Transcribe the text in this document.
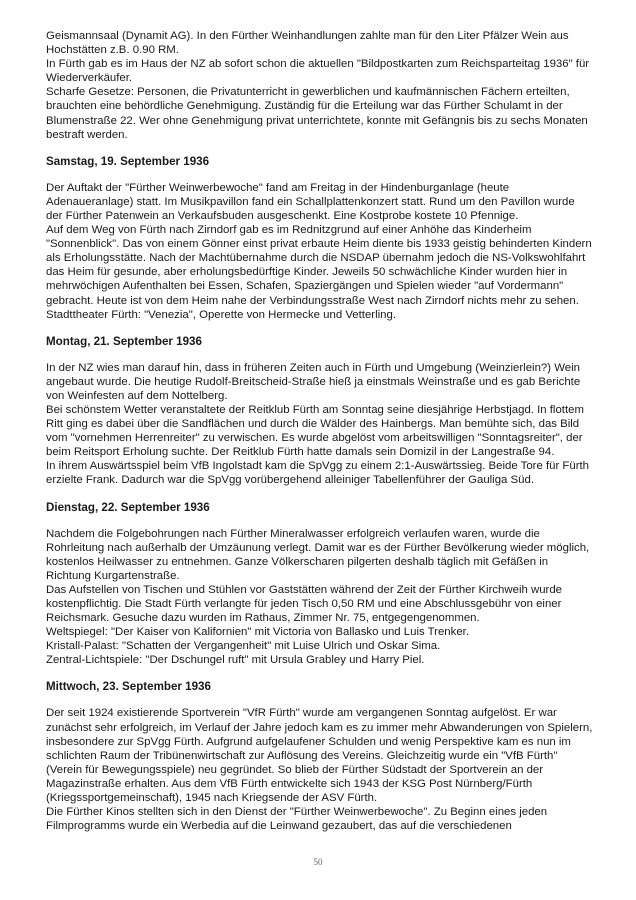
Geismannsaal (Dynamit AG). In den Fürther Weinhandlungen zahlte man für den Liter Pfälzer Wein aus Hochstätten z.B. 0.90 RM.
In Fürth gab es im Haus der NZ ab sofort schon die aktuellen "Bildpostkarten zum Reichsparteitag 1936" für Wiederverkäufer.
Scharfe Gesetze: Personen, die Privatunterricht in gewerblichen und kaufmännischen Fächern erteilten, brauchten eine behördliche Genehmigung. Zuständig für die Erteilung war das Fürther Schulamt in der Blumenstraße 22. Wer ohne Genehmigung privat unterrichtete, konnte mit Gefängnis bis zu sechs Monaten bestraft werden.

Samstag, 19. September 1936

Der Auftakt der "Fürther Weinwerbewoche" fand am Freitag in der Hindenburganlage (heute Adenaueranlage) statt. Im Musikpavillon fand ein Schallplattenkonzert statt. Rund um den Pavillon wurde der Fürther Patenwein an Verkaufsbuden ausgeschenkt. Eine Kostprobe kostete 10 Pfennige.
Auf dem Weg von Fürth nach Zirndorf gab es im Rednitzgrund auf einer Anhöhe das Kinderheim "Sonnenblick". Das von einem Gönner einst privat erbaute Heim diente bis 1933 geistig behinderten Kindern als Erholungsstätte. Nach der Machtübernahme durch die NSDAP übernahm jedoch die NS-Volkswohlfahrt das Heim für gesunde, aber erholungsbedürftige Kinder. Jeweils 50 schwächliche Kinder wurden hier in mehrwöchigen Aufenthalten bei Essen, Schafen, Spaziergängen und Spielen wieder "auf Vordermann" gebracht. Heute ist von dem Heim nahe der Verbindungsstraße West nach Zirndorf nichts mehr zu sehen.
Stadttheater Fürth: "Venezia", Operette von Hermecke und Vetterling.

Montag, 21. September 1936

In der NZ wies man darauf hin, dass in früheren Zeiten auch in Fürth und Umgebung (Weinzierlein?) Wein angebaut wurde. Die heutige Rudolf-Breitscheid-Straße hieß ja einstmals Weinstraße und es gab Berichte von Weinfesten auf dem Nottelberg.
Bei schönstem Wetter veranstaltete der Reitklub Fürth am Sonntag seine diesjährige Herbstjagd. In flottem Ritt ging es dabei über die Sandflächen und durch die Wälder des Hainbergs. Man bemühte sich, das Bild vom "vornehmen Herrenreiter" zu verwischen. Es wurde abgelöst vom arbeitswilligen "Sonntagsreiter", der beim Reitsport Erholung suchte. Der Reitklub Fürth hatte damals sein Domizil in der Langestraße 94.
In ihrem Auswärtsspiel beim VfB Ingolstadt kam die SpVgg zu einem 2:1-Auswärtssieg. Beide Tore für Fürth erzielte Frank. Dadurch war die SpVgg vorübergehend alleiniger Tabellenführer der Gauliga Süd.

Dienstag, 22. September 1936

Nachdem die Folgebohrungen nach Fürther Mineralwasser erfolgreich verlaufen waren, wurde die Rohrleitung nach außerhalb der Umzäunung verlegt. Damit war es der Fürther Bevölkerung wieder möglich, kostenlos Heilwasser zu entnehmen. Ganze Völkerscharen pilgerten deshalb täglich mit Gefäßen in Richtung Kurgartenstraße.
Das Aufstellen von Tischen und Stühlen vor Gaststätten während der Zeit der Fürther Kirchweih wurde kostenpflichtig. Die Stadt Fürth verlangte für jeden Tisch 0,50 RM und eine Abschlussgebühr von einer Reichsmark. Gesuche dazu wurden im Rathaus, Zimmer Nr. 75, entgegengenommen.
Weltspiegel: "Der Kaiser von Kalifornien" mit Victoria von Ballasko und Luis Trenker.
Kristall-Palast: "Schatten der Vergangenheit" mit Luise Ulrich und Oskar Sima.
Zentral-Lichtspiele: "Der Dschungel ruft" mit Ursula Grabley und Harry Piel.

Mittwoch, 23. September 1936

Der seit 1924 existierende Sportverein "VfR Fürth" wurde am vergangenen Sonntag aufgelöst. Er war zunächst sehr erfolgreich, im Verlauf der Jahre jedoch kam es zu immer mehr Abwanderungen von Spielern, insbesondere zur SpVgg Fürth. Aufgrund aufgelaufener Schulden und wenig Perspektive kam es nun im schlichten Raum der Tribünenwirtschaft zur Auflösung des Vereins. Gleichzeitig wurde ein "VfB Fürth" (Verein für Bewegungsspiele) neu gegründet. So blieb der Fürther Südstadt der Sportverein an der Magazinstraße erhalten. Aus dem VfB Fürth entwickelte sich 1943 der KSG Post Nürnberg/Fürth (Kriegssportgemeinschaft), 1945 nach Kriegsende der ASV Fürth.
Die Fürther Kinos stellten sich in den Dienst der "Fürther Weinwerbewoche". Zu Beginn eines jeden Filmprogramms wurde ein Werbedia auf die Leinwand gezaubert, das auf die verschiedenen

50
